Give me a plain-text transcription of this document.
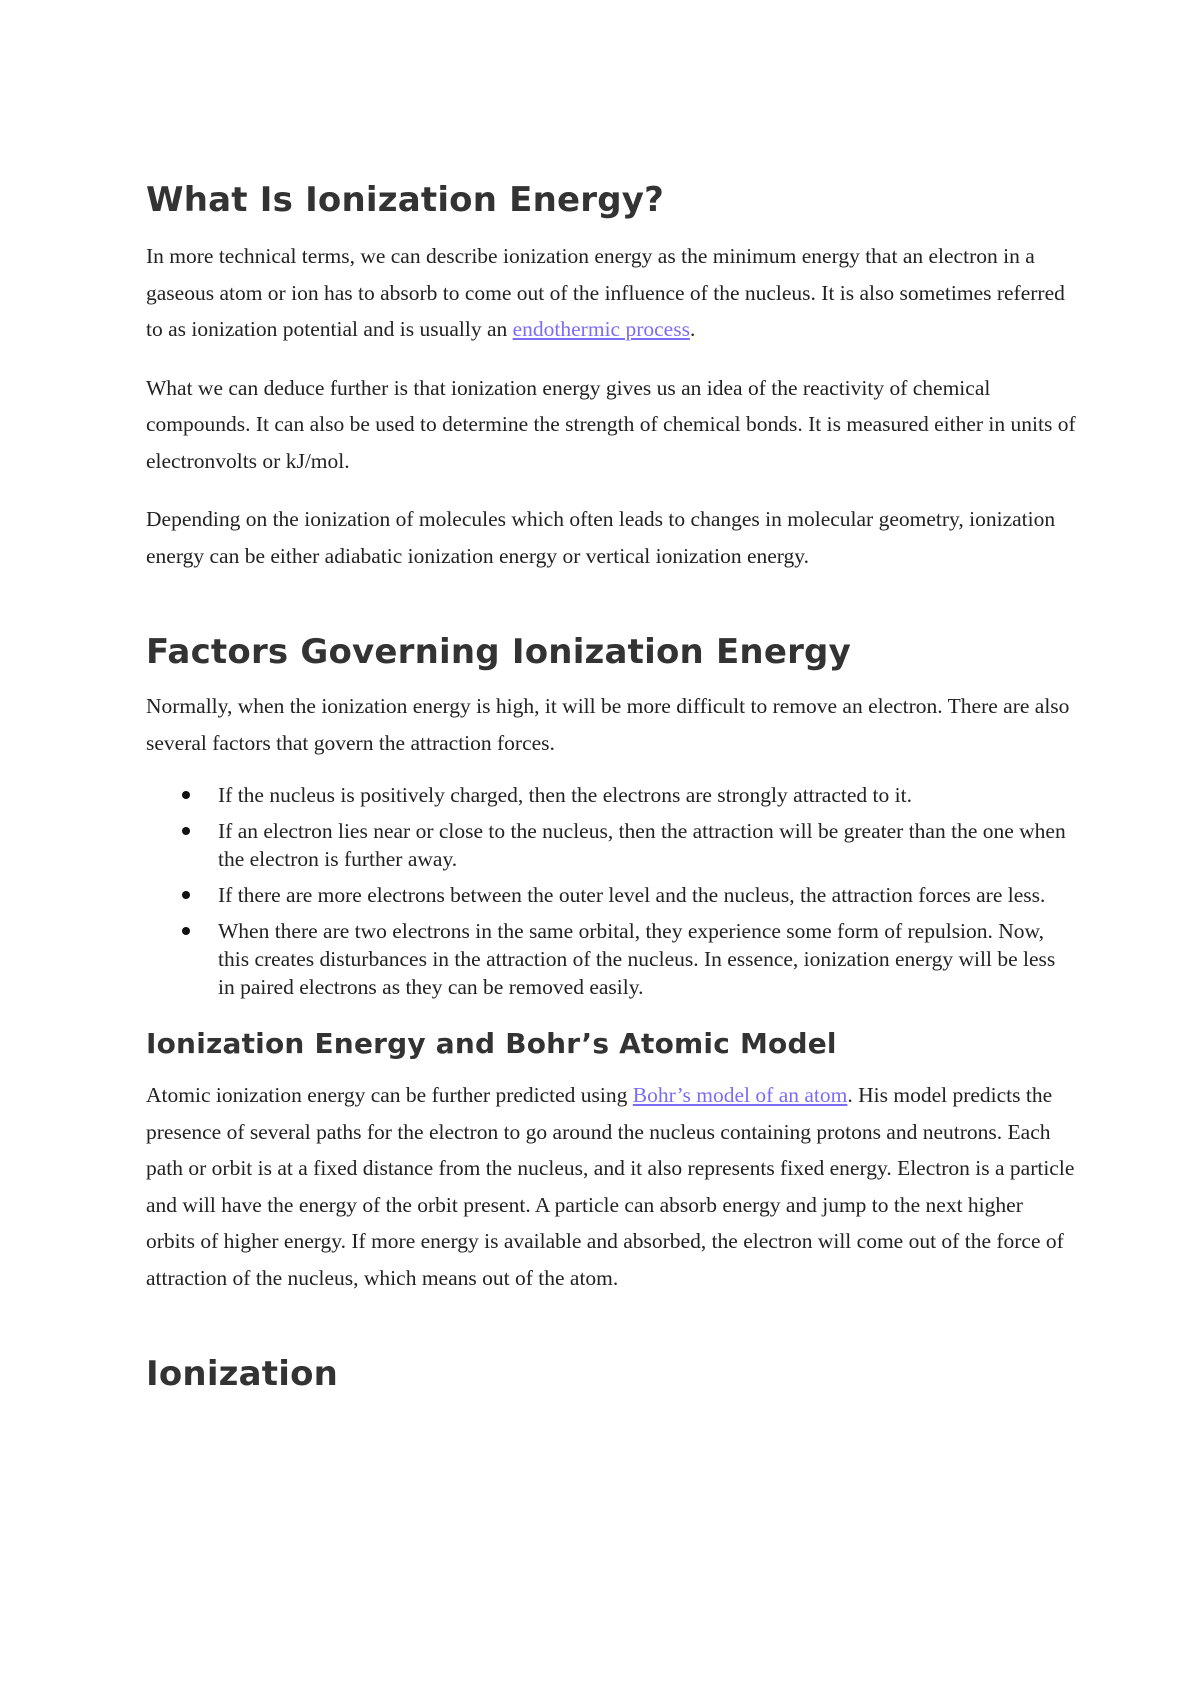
What Is Ionization Energy?

In more technical terms, we can describe ionization energy as the minimum energy that an electron in a gaseous atom or ion has to absorb to come out of the influence of the nucleus. It is also sometimes referred to as ionization potential and is usually an endothermic process.

What we can deduce further is that ionization energy gives us an idea of the reactivity of chemical compounds. It can also be used to determine the strength of chemical bonds. It is measured either in units of electronvolts or kJ/mol.

Depending on the ionization of molecules which often leads to changes in molecular geometry, ionization energy can be either adiabatic ionization energy or vertical ionization energy.

Factors Governing Ionization Energy

Normally, when the ionization energy is high, it will be more difficult to remove an electron. There are also several factors that govern the attraction forces.

If the nucleus is positively charged, then the electrons are strongly attracted to it.
If an electron lies near or close to the nucleus, then the attraction will be greater than the one when the electron is further away.
If there are more electrons between the outer level and the nucleus, the attraction forces are less.
When there are two electrons in the same orbital, they experience some form of repulsion. Now, this creates disturbances in the attraction of the nucleus. In essence, ionization energy will be less in paired electrons as they can be removed easily.
Ionization Energy and Bohr’s Atomic Model

Atomic ionization energy can be further predicted using Bohr’s model of an atom. His model predicts the presence of several paths for the electron to go around the nucleus containing protons and neutrons. Each path or orbit is at a fixed distance from the nucleus, and it also represents fixed energy. Electron is a particle and will have the energy of the orbit present. A particle can absorb energy and jump to the next higher orbits of higher energy. If more energy is available and absorbed, the electron will come out of the force of attraction of the nucleus, which means out of the atom.

Ionization
